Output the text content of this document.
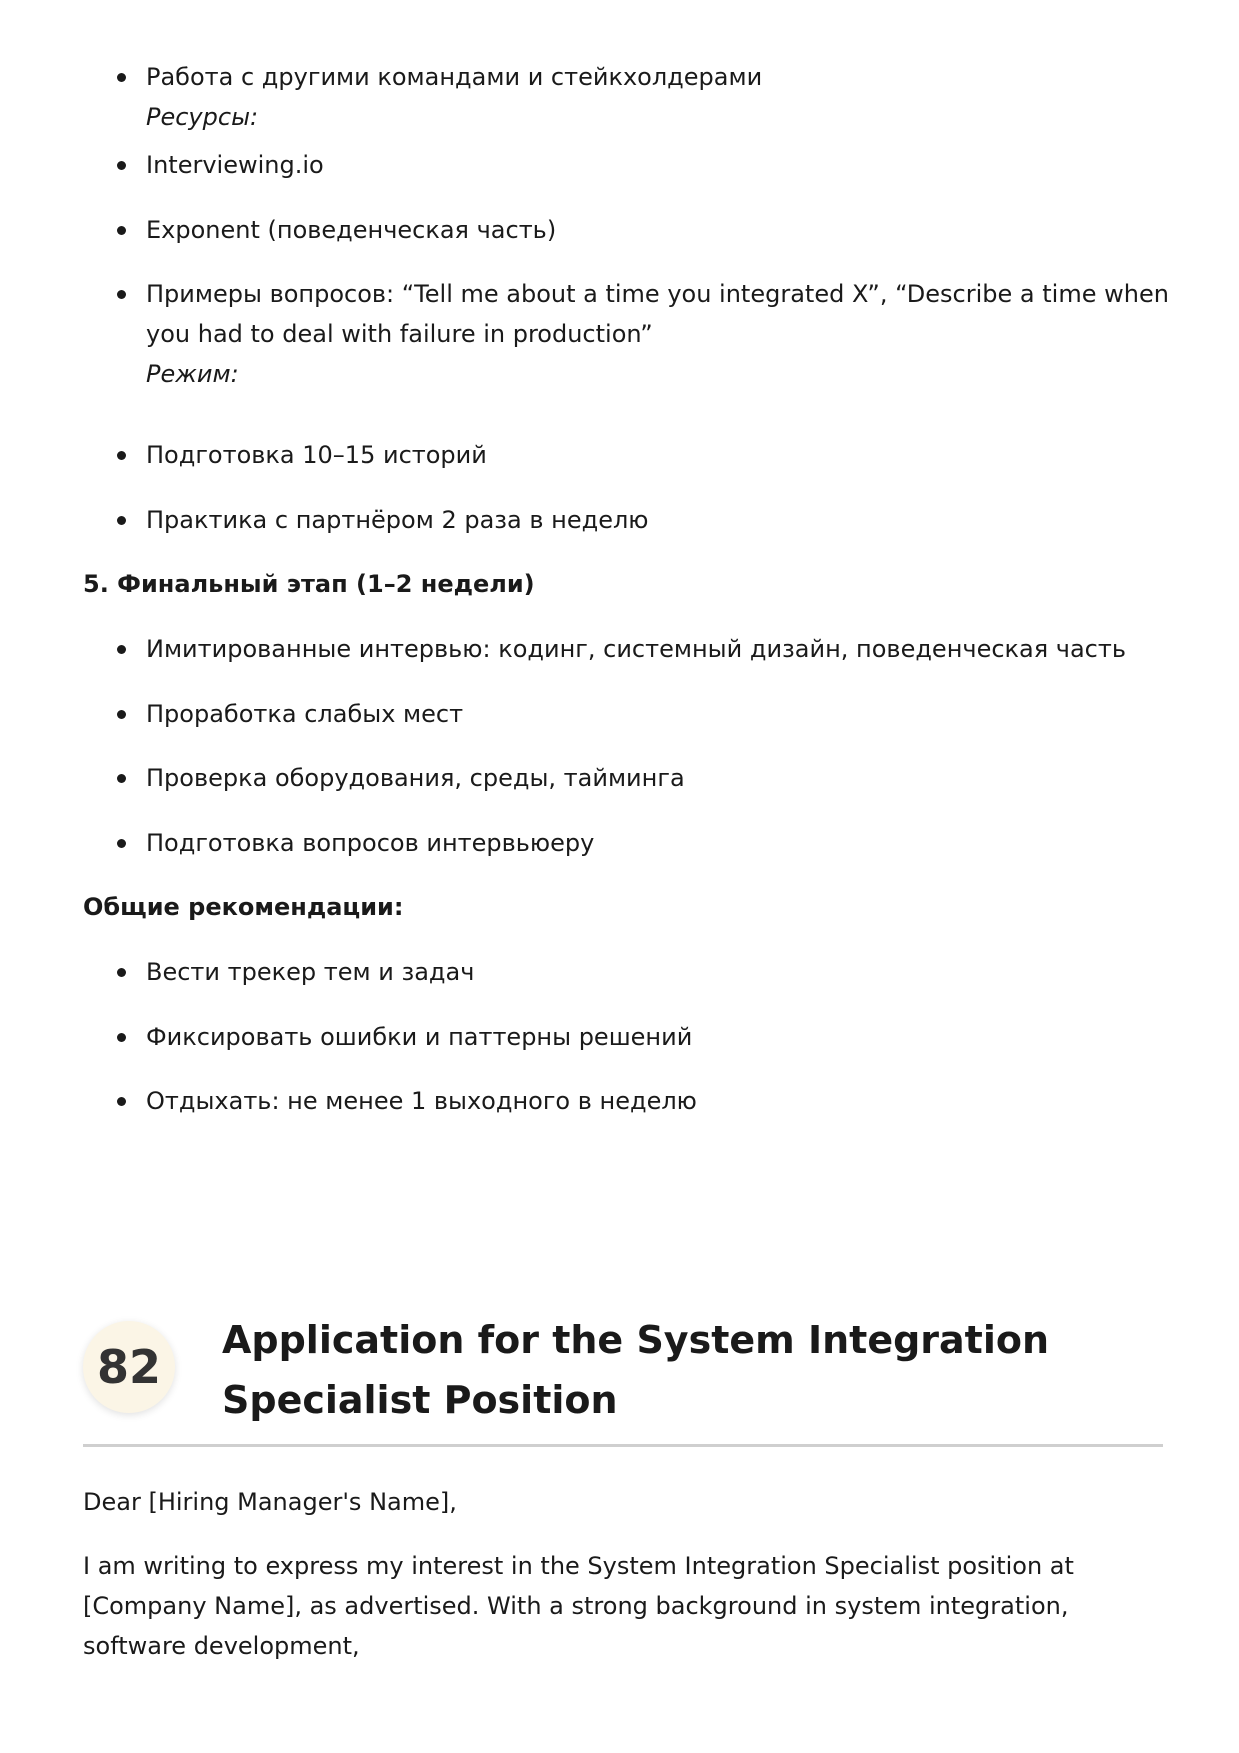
Работа с другими командами и стейкхолдерами
Ресурсы:
Interviewing.io
Exponent (поведенческая часть)
Примеры вопросов: “Tell me about a time you integrated X”, “Describe a time when you had to deal with failure in production”
Режим:
Подготовка 10–15 историй
Практика с партнёром 2 раза в неделю

5. Финальный этап (1–2 недели)

Имитированные интервью: кодинг, системный дизайн, поведенческая часть
Проработка слабых мест
Проверка оборудования, среды, тайминга
Подготовка вопросов интервьюеру

Общие рекомендации:

Вести трекер тем и задач
Фиксировать ошибки и паттерны решений
Отдыхать: не менее 1 выходного в неделю
82	Application for the System Integration Specialist Position

Dear [Hiring Manager's Name],

I am writing to express my interest in the System Integration Specialist position at [Company Name], as advertised. With a strong background in system integration, software development,
